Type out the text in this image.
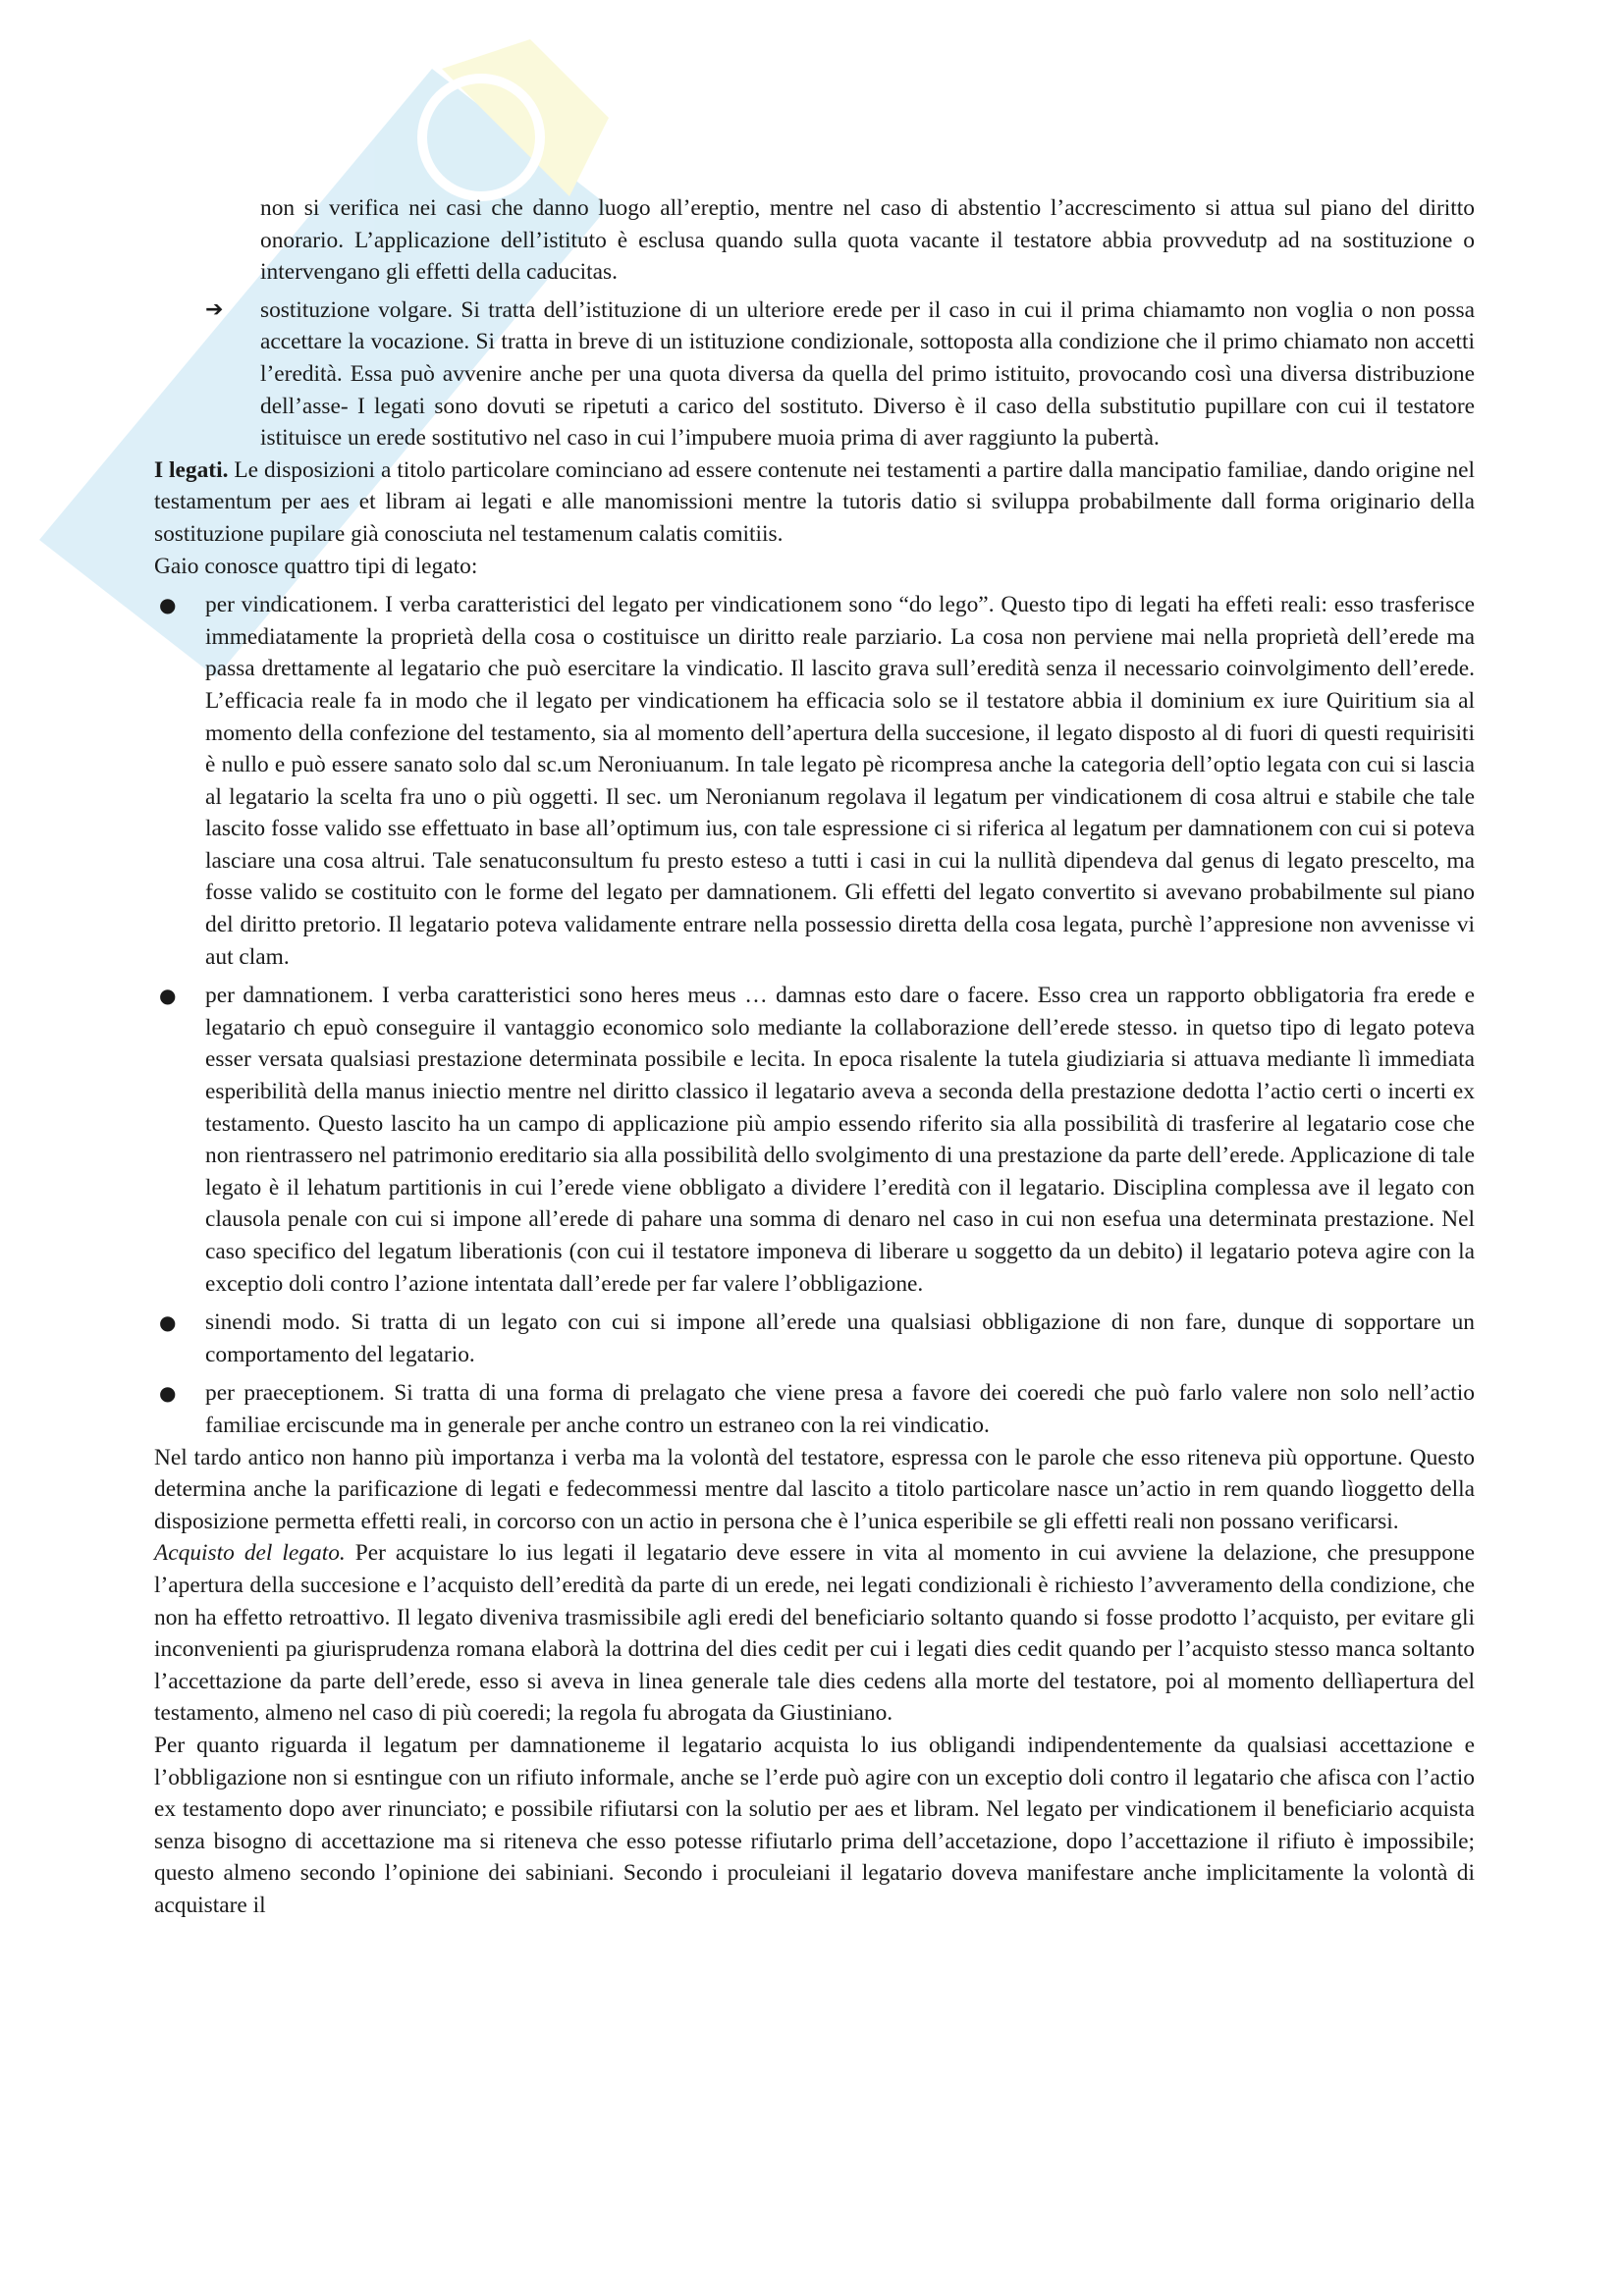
non si verifica nei casi che danno luogo all’ereptio, mentre nel caso di abstentio l’accrescimento si attua sul piano del diritto onorario. L’applicazione dell’istituto è esclusa quando sulla quota vacante il testatore abbia provvedutp ad na sostituzione o intervengano gli effetti della caducitas.

➔ sostituzione volgare. Si tratta dell’istituzione di un ulteriore erede per il caso in cui il prima chiamamto non voglia o non possa accettare la vocazione. Si tratta in breve di un istituzione condizionale, sottoposta alla condizione che il primo chiamato non accetti l’eredità. Essa può avvenire anche per una quota diversa da quella del primo istituito, provocando così una diversa distribuzione dell’asse- I legati sono dovuti se ripetuti a carico del sostituto. Diverso è il caso della substitutio pupillare con cui il testatore istituisce un erede sostitutivo nel caso in cui l’impubere muoia prima di aver raggiunto la pubertà.

I legati. Le disposizioni a titolo particolare cominciano ad essere contenute nei testamenti a partire dalla mancipatio familiae, dando origine nel testamentum per aes et libram ai legati e alle manomissioni mentre la tutoris datio si sviluppa probabilmente dall forma originario della sostituzione pupilare già conosciuta nel testamenum calatis comitiis.

Gaio conosce quattro tipi di legato:

● per vindicationem. I verba caratteristici del legato per vindicationem sono “do lego”. Questo tipo di legati ha effeti reali: esso trasferisce immediatamente la proprietà della cosa o costituisce un diritto reale parziario. La cosa non perviene mai nella proprietà dell’erede ma passa drettamente al legatario che può esercitare la vindicatio. Il lascito grava sull’eredità senza il necessario coinvolgimento dell’erede. L’efficacia reale fa in modo che il legato per vindicationem ha efficacia solo se il testatore abbia il dominium ex iure Quiritium sia al momento della confezione del testamento, sia al momento dell’apertura della succesione, il legato disposto al di fuori di questi requirisiti è nullo e può essere sanato solo dal sc.um Neroniuanum. In tale legato pè ricompresa anche la categoria dell’optio legata con cui si lascia al legatario la scelta fra uno o più oggetti. Il sec. um Neronianum regolava il legatum per vindicationem di cosa altrui e stabile che tale lascito fosse valido sse effettuato in base all’optimum ius, con tale espressione ci si riferica al legatum per damnationem con cui si poteva lasciare una cosa altrui. Tale senatuconsultum fu presto esteso a tutti i casi in cui la nullità dipendeva dal genus di legato prescelto, ma fosse valido se costituito con le forme del legato per damnationem. Gli effetti del legato convertito si avevano probabilmente sul piano del diritto pretorio. Il legatario poteva validamente entrare nella possessio diretta della cosa legata, purchè l’appresione non avvenisse vi aut clam.

● per damnationem. I verba caratteristici sono heres meus … damnas esto dare o facere. Esso crea un rapporto obbligatoria fra erede e legatario ch epuò conseguire il vantaggio economico solo mediante la collaborazione dell’erede stesso. in quetso tipo di legato poteva esser versata qualsiasi prestazione determinata possibile e lecita. In epoca risalente la tutela giudiziaria si attuava mediante lì immediata esperibilità della manus iniectio mentre nel diritto classico il legatario aveva a seconda della prestazione dedotta l’actio certi o incerti ex testamento. Questo lascito ha un campo di applicazione più ampio essendo riferito sia alla possibilità di trasferire al legatario cose che non rientrassero nel patrimonio ereditario sia alla possibilità dello svolgimento di una prestazione da parte dell’erede. Applicazione di tale legato è il lehatum partitionis in cui l’erede viene obbligato a dividere l’eredità con il legatario. Disciplina complessa ave il legato con clausola penale con cui si impone all’erede di pahare una somma di denaro nel caso in cui non esefua una determinata prestazione. Nel caso specifico del legatum liberationis (con cui il testatore imponeva di liberare u soggetto da un debito) il legatario poteva agire con la exceptio doli contro l’azione intentata dall’erede per far valere l’obbligazione.

● sinendi modo. Si tratta di un legato con cui si impone all’erede una qualsiasi obbligazione di non fare, dunque di sopportare un comportamento del legatario.

● per praeceptionem. Si tratta di una forma di prelagato che viene presa a favore dei coeredi che può farlo valere non solo nell’actio familiae erciscunde ma in generale per anche contro un estraneo con la rei vindicatio.

Nel tardo antico non hanno più importanza i verba ma la volontà del testatore, espressa con le parole che esso riteneva più opportune. Questo determina anche la parificazione di legati e fedecommessi mentre dal lascito a titolo particolare nasce un’actio in rem quando lìoggetto della disposizione permetta effetti reali, in corcorso con un actio in persona che è l’unica esperibile se gli effetti reali non possano verificarsi.

Acquisto del legato. Per acquistare lo ius legati il legatario deve essere in vita al momento in cui avviene la delazione, che presuppone l’apertura della succesione e l’acquisto dell’eredità da parte di un erede, nei legati condizionali è richiesto l’avveramento della condizione, che non ha effetto retroattivo. Il legato diveniva trasmissibile agli eredi del beneficiario soltanto quando si fosse prodotto l’acquisto, per evitare gli inconvenienti pa giurisprudenza romana elaborà la dottrina del dies cedit per cui i legati dies cedit quando per l’acquisto stesso manca soltanto l’accettazione da parte dell’erede, esso si aveva in linea generale tale dies cedens alla morte del testatore, poi al momento dellìapertura del testamento, almeno nel caso di più coeredi; la regola fu abrogata da Giustiniano.

Per quanto riguarda il legatum per damnationeme il legatario acquista lo ius obligandi indipendentemente da qualsiasi accettazione e l’obbligazione non si esntingue con un rifiuto informale, anche se l’erde può agire con un exceptio doli contro il legatario che afisca con l’actio ex testamento dopo aver rinunciato; e possibile rifiutarsi con la solutio per aes et libram. Nel legato per vindicationem il beneficiario acquista senza bisogno di accettazione ma si riteneva che esso potesse rifiutarlo prima dell’accetazione, dopo l’accettazione il rifiuto è impossibile; questo almeno secondo l’opinione dei sabiniani. Secondo i proculeiani il legatario doveva manifestare anche implicitamente la volontà di acquistare il
